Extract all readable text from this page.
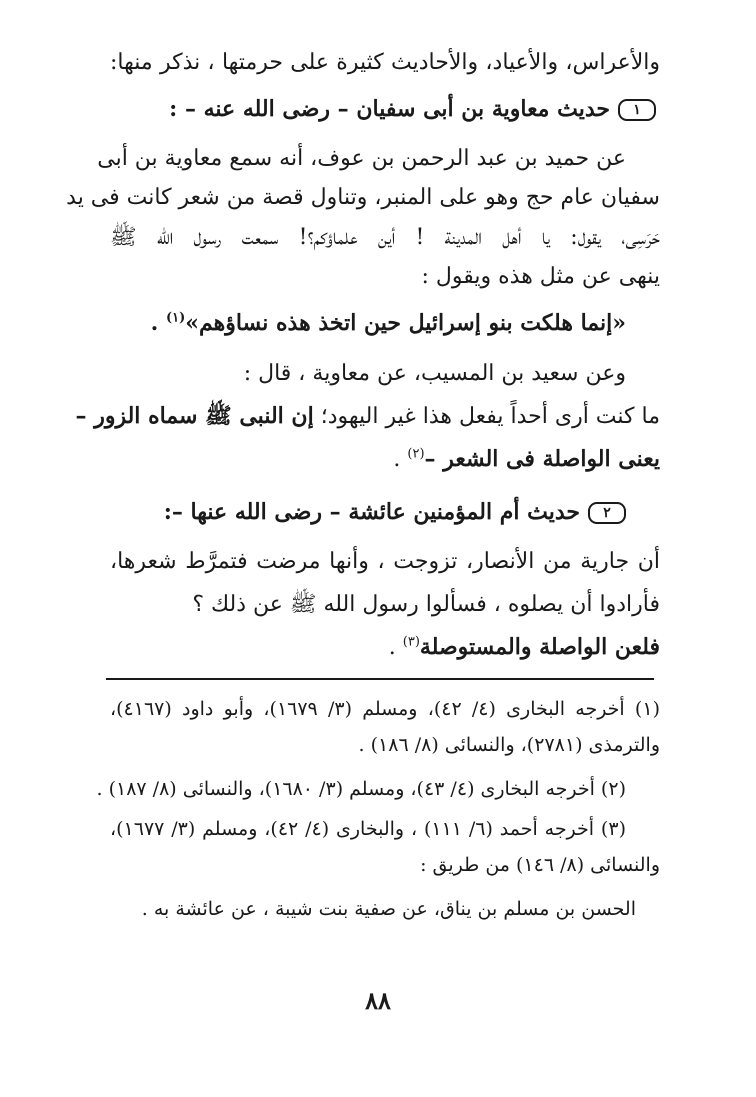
والأعراس، والأعياد، والأحاديث كثيرة على حرمتها ، نذكر منها:
١حديث معاوية بن أبى سفيان – رضى الله عنه – :
عن حميد بن عبد الرحمن بن عوف، أنه سمع معاوية بن أبى
سفيان عام حج وهو على المنبر، وتناول قصة من شعر كانت فى يد
حَرَسِى، يقول: يا أهل المدينة ! أين علماؤكم؟! سمعت رسول الله ﷺ
ينهى عن مثل هذه ويقول :
«إنما هلكت بنو إسرائيل حين اتخذ هذه نساؤهم»$^{(١)}$ .
وعن سعيد بن المسيب، عن معاوية ، قال :
ما كنت أرى أحداً يفعل هذا غير اليهود؛ إن النبى ﷺ سماه الزور –
يعنى الواصلة فى الشعر –$^{(٢)}$ .
٢حديث أم المؤمنين عائشة – رضى الله عنها –:
أن جارية من الأنصار، تزوجت ، وأنها مرضت فتمرَّط شعرها،
فأرادوا أن يصلوه ، فسألوا رسول الله ﷺ عن ذلك ؟
فلعن الواصلة والمستوصلة$^{(٣)}$ .
(١) أخرجه البخارى (٤/ ٤٢)، ومسلم (٣/ ١٦٧٩)، وأبو داود (٤١٦٧)،
والترمذى (٢٧٨١)، والنسائى (٨/ ١٨٦) .
(٢) أخرجه البخارى (٤/ ٤٣)، ومسلم (٣/ ١٦٨٠)، والنسائى (٨/ ١٨٧) .
(٣) أخرجه أحمد (٦/ ١١١) ، والبخارى (٤/ ٤٢)، ومسلم (٣/ ١٦٧٧)،
والنسائى (٨/ ١٤٦) من طريق :
الحسن بن مسلم بن يناق، عن صفية بنت شيبة ، عن عائشة به .
٨٨
